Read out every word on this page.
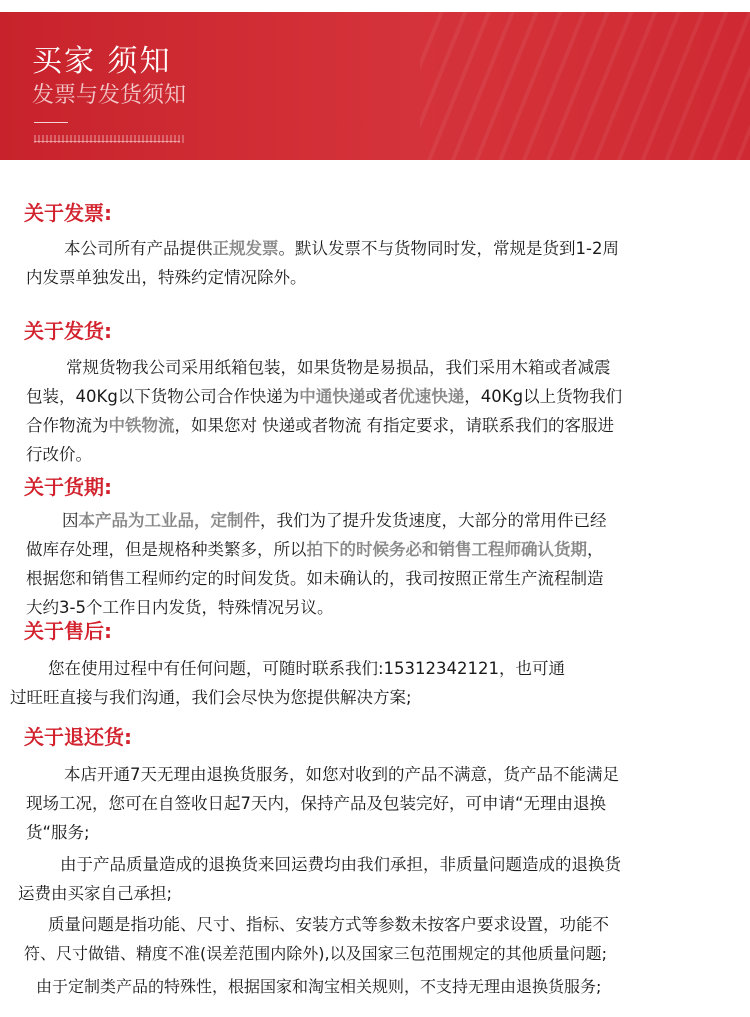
买家 须知
发票与发货须知
关于发票:
本公司所有产品提供正规发票。默认发票不与货物同时发，常规是货到1-2周
内发票单独发出，特殊约定情况除外。
关于发货:
常规货物我公司采用纸箱包装，如果货物是易损品，我们采用木箱或者减震
包装，40Kg以下货物公司合作快递为中通快递或者优速快递，40Kg以上货物我们
合作物流为中铁物流，如果您对 快递或者物流 有指定要求，请联系我们的客服进
行改价。
关于货期:
因本产品为工业品，定制件，我们为了提升发货速度，大部分的常用件已经
做库存处理，但是规格种类繁多，所以拍下的时候务必和销售工程师确认货期，
根据您和销售工程师约定的时间发货。如未确认的，我司按照正常生产流程制造
大约3-5个工作日内发货，特殊情况另议。
关于售后:
您在使用过程中有任何问题，可随时联系我们:15312342121，也可通
过旺旺直接与我们沟通，我们会尽快为您提供解决方案;
关于退还货:
本店开通7天无理由退换货服务，如您对收到的产品不满意，货产品不能满足
现场工况，您可在自签收日起7天内，保持产品及包装完好，可申请“无理由退换
货“服务;
由于产品质量造成的退换货来回运费均由我们承担，非质量问题造成的退换货
运费由买家自己承担;
质量问题是指功能、尺寸、指标、安装方式等参数未按客户要求设置，功能不
符、尺寸做错、精度不准(误差范围内除外),以及国家三包范围规定的其他质量问题;
由于定制类产品的特殊性，根据国家和淘宝相关规则，不支持无理由退换货服务;
